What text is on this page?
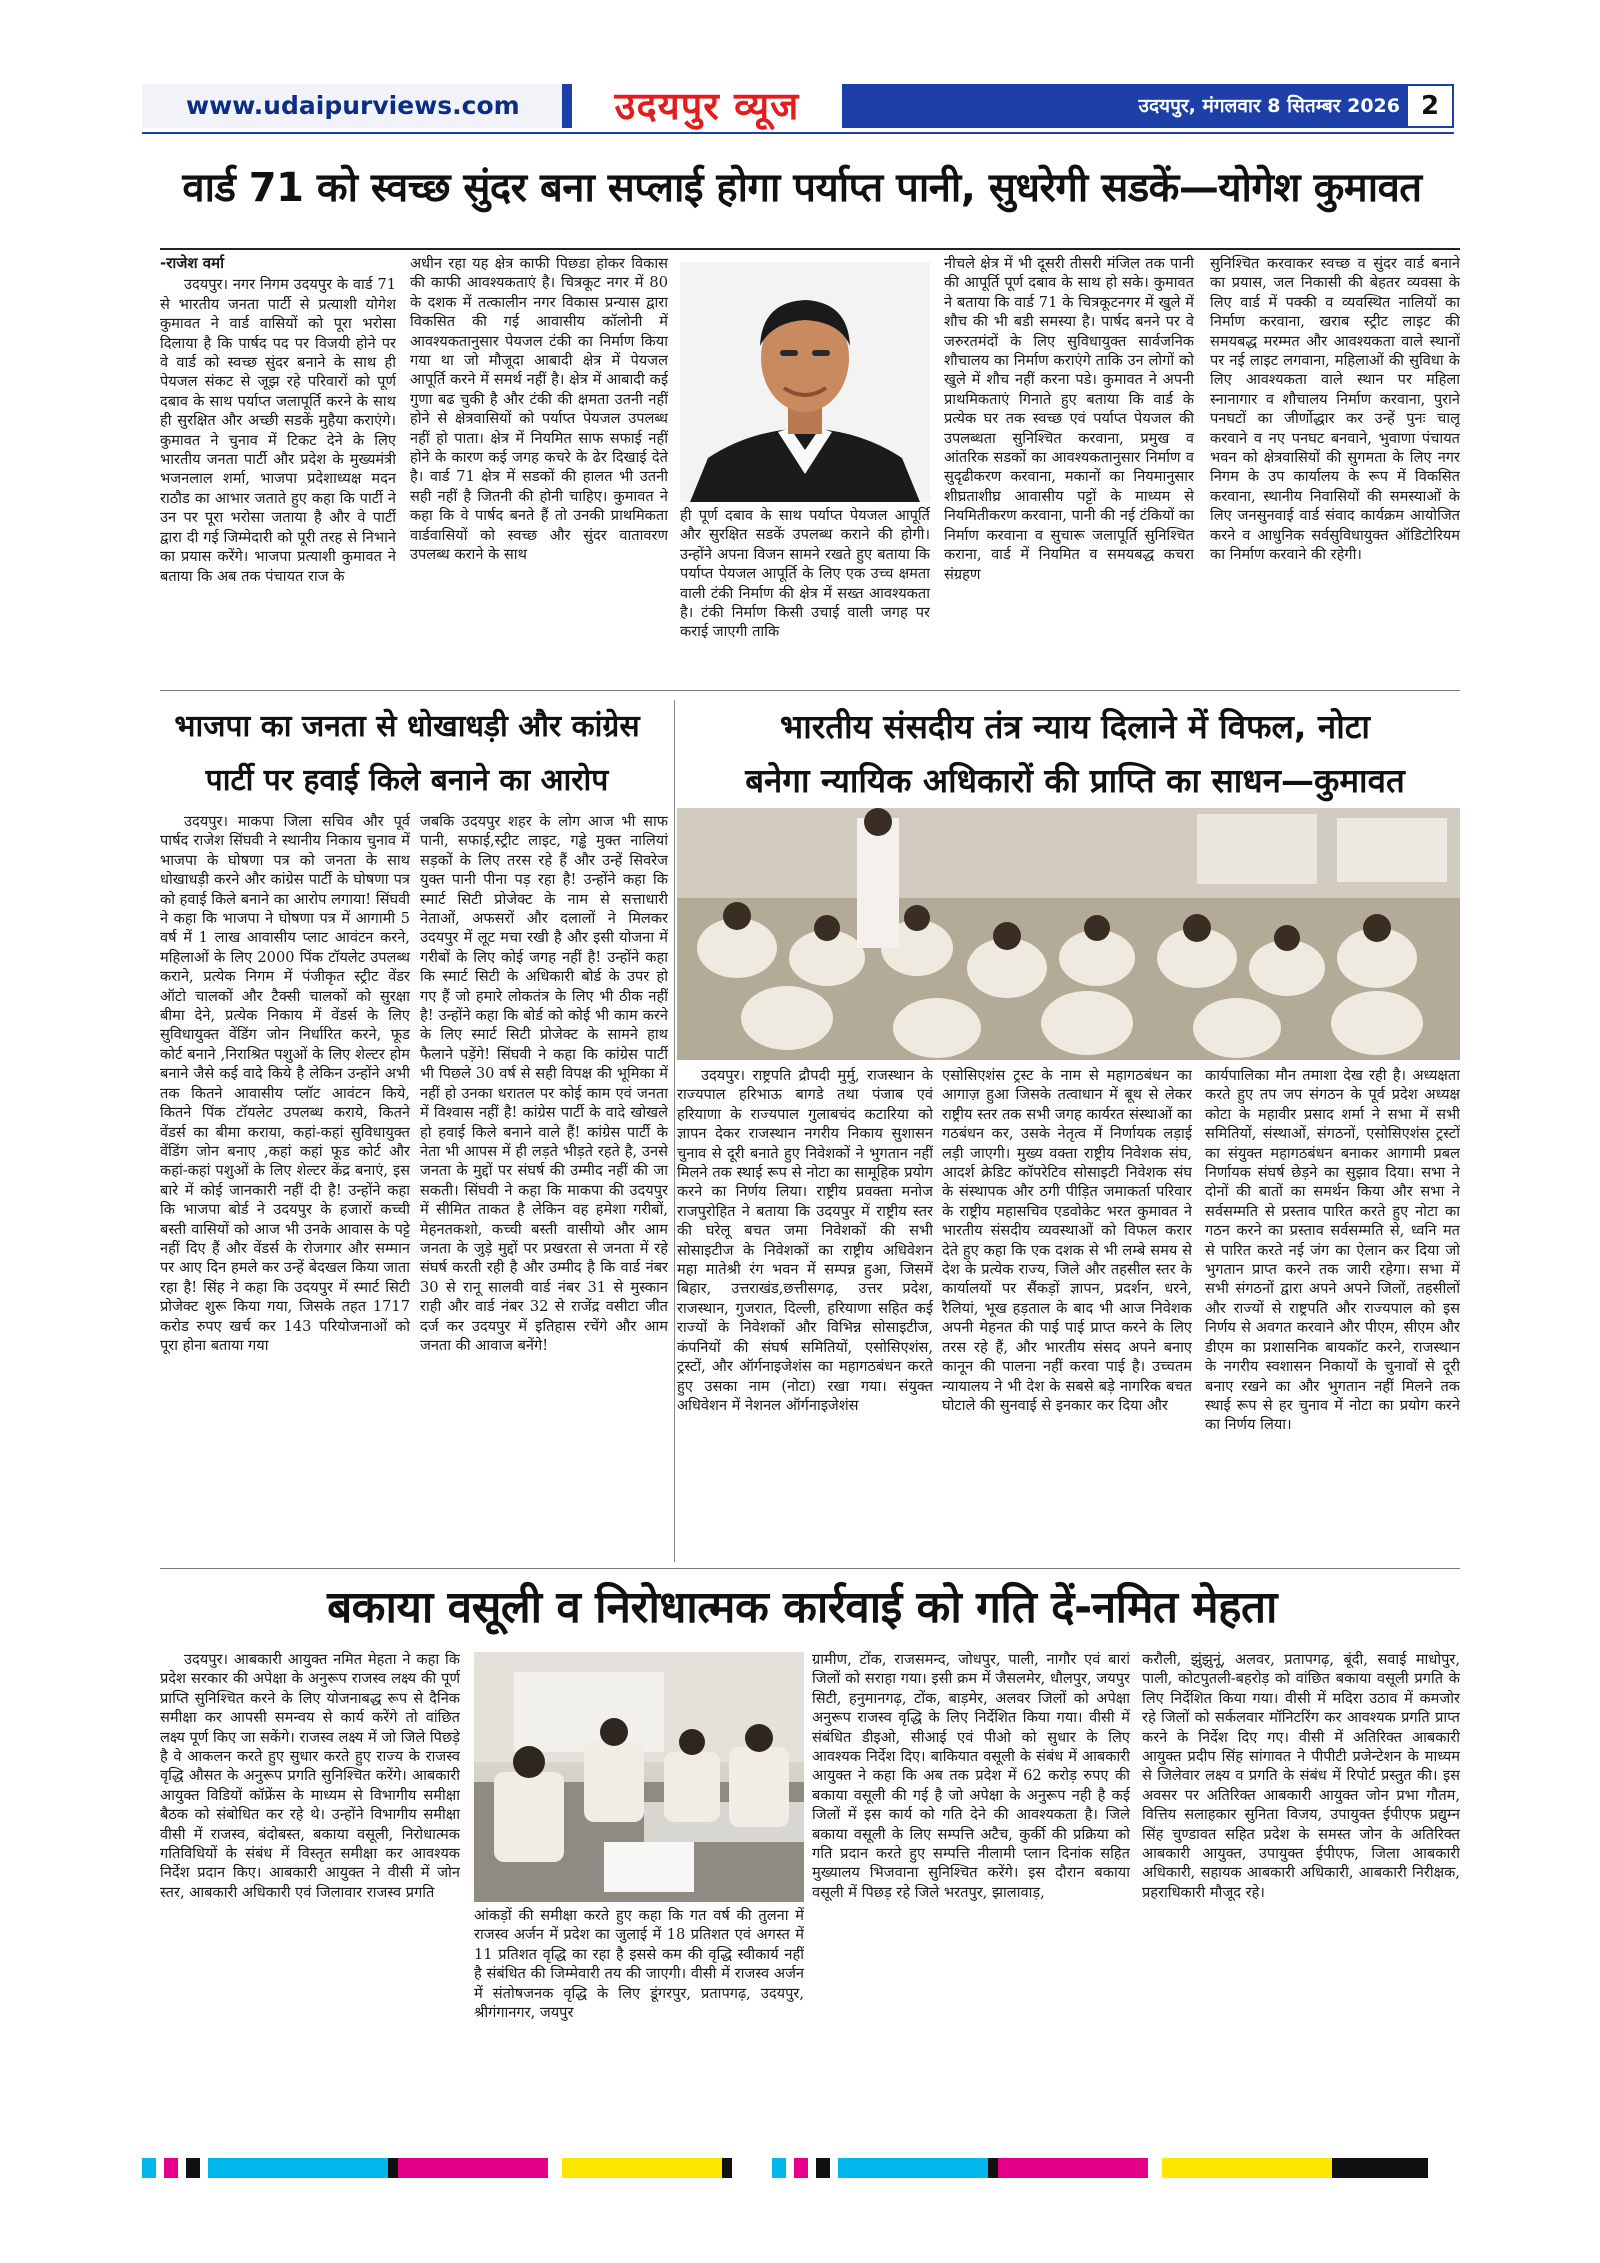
www.udaipurviews.com	उदयपुर व्यूज	उदयपुर, मंगलवार 8 सितम्बर 2026 2
वार्ड 71 को स्वच्छ सुंदर बना सप्लाई होगा पर्याप्त पानी, सुधरेगी सडकें—योगेश कुमावत
-राजेश वर्मा

उदयपुर। नगर निगम उदयपुर के वार्ड 71 से भारतीय जनता पार्टी से प्रत्याशी योगेश कुमावत ने वार्ड वासियों को पूरा भरोसा दिलाया है कि पार्षद पद पर विजयी होने पर वे वार्ड को स्वच्छ सुंदर बनाने के साथ ही पेयजल संकट से जूझ रहे परिवारों को पूर्ण दबाव के साथ पर्याप्त जलापूर्ति करने के साथ ही सुरक्षित और अच्छी सडकें मुहैया कराएंगे। कुमावत ने चुनाव में टिकट देने के लिए भारतीय जनता पार्टी और प्रदेश के मुख्यमंत्री भजनलाल शर्मा, भाजपा प्रदेशाध्यक्ष मदन राठौड का आभार जताते हुए कहा कि पार्टी ने उन पर पूरा भरोसा जताया है और वे पार्टी द्वारा दी गई जिम्मेदारी को पूरी तरह से निभाने का प्रयास करेंगे। भाजपा प्रत्याशी कुमावत ने बताया कि अब तक पंचायत राज के

अधीन रहा यह क्षेत्र काफी पिछडा होकर विकास की काफी आवश्यकताएं है। चित्रकूट नगर में 80 के दशक में तत्कालीन नगर विकास प्रन्यास द्वारा विकसित की गई आवासीय कॉलोनी में आवश्यकतानुसार पेयजल टंकी का निर्माण किया गया था जो मौजूदा आबादी क्षेत्र में पेयजल आपूर्ति करने में समर्थ नहीं है। क्षेत्र में आबादी कई गुणा बढ चुकी है और टंकी की क्षमता उतनी नहीं होने से क्षेत्रवासियों को पर्याप्त पेयजल उपलब्ध नहीं हो पाता। क्षेत्र में नियमित साफ सफाई नहीं होने के कारण कई जगह कचरे के ढेर दिखाई देते है। वार्ड 71 क्षेत्र में सडकों की हालत भी उतनी सही नहीं है जितनी की होनी चाहिए। कुमावत ने कहा कि वे पार्षद बनते हैं तो उनकी प्राथमिकता वार्डवासियों को स्वच्छ और सुंदर वातावरण उपलब्ध कराने के साथ

ही पूर्ण दबाव के साथ पर्याप्त पेयजल आपूर्ति और सुरक्षित सडकें उपलब्ध कराने की होगी। उन्होंने अपना विजन सामने रखते हुए बताया कि पर्याप्त पेयजल आपूर्ति के लिए एक उच्च क्षमता वाली टंकी निर्माण की क्षेत्र में सख्त आवश्यकता है। टंकी निर्माण किसी उचाई वाली जगह पर कराई जाएगी ताकि

नीचले क्षेत्र में भी दूसरी तीसरी मंजिल तक पानी की आपूर्ति पूर्ण दबाव के साथ हो सके। कुमावत ने बताया कि वार्ड 71 के चित्रकूटनगर में खुले में शौच की भी बडी समस्या है। पार्षद बनने पर वे जरुरतमंदों के लिए सुविधायुक्त सार्वजनिक शौचालय का निर्माण कराएंगे ताकि उन लोगों को खुले में शौच नहीं करना पडे। कुमावत ने अपनी प्राथमिकताएं गिनाते हुए बताया कि वार्ड के प्रत्येक घर तक स्वच्छ एवं पर्याप्त पेयजल की उपलब्धता सुनिश्चित करवाना, प्रमुख व आंतरिक सडकों का आवश्यकतानुसार निर्माण व सुदृढीकरण करवाना, मकानों का नियमानुसार शीघ्रताशीघ्र आवासीय पट्टों के माध्यम से नियमितीकरण करवाना, पानी की नई टंकियों का निर्माण करवाना व सुचारू जलापूर्ति सुनिश्चित कराना, वार्ड में नियमित व समयबद्ध कचरा संग्रहण

सुनिश्चित करवाकर स्वच्छ व सुंदर वार्ड बनाने का प्रयास, जल निकासी की बेहतर व्यवसा के लिए वार्ड में पक्की व व्यवस्थित नालियों का निर्माण करवाना, खराब स्ट्रीट लाइट की समयबद्ध मरम्मत और आवश्यकता वाले स्थानों पर नई लाइट लगवाना, महिलाओं की सुविधा के लिए आवश्यकता वाले स्थान पर महिला स्नानागार व शौचालय निर्माण करवाना, पुराने पनघटों का जीर्णोद्धार कर उन्हें पुनः चालू करवाने व नए पनघट बनवाने, भुवाणा पंचायत भवन को क्षेत्रवासियों की सुगमता के लिए नगर निगम के उप कार्यालय के रूप में विकसित करवाना, स्थानीय निवासियों की समस्याओं के लिए जनसुनवाई वार्ड संवाद कार्यक्रम आयोजित करने व आधुनिक सर्वसुविधायुक्त ऑडिटोरियम का निर्माण करवाने की रहेगी।

भाजपा का जनता से धोखाधड़ी और कांग्रेस
पार्टी पर हवाई किले बनाने का आरोप

उदयपुर। माकपा जिला सचिव और पूर्व पार्षद राजेश सिंघवी ने स्थानीय निकाय चुनाव में भाजपा के घोषणा पत्र को जनता के साथ धोखाधड़ी करने और कांग्रेस पार्टी के घोषणा पत्र को हवाई किले बनाने का आरोप लगाया! सिंघवी ने कहा कि भाजपा ने घोषणा पत्र में आगामी 5 वर्ष में 1 लाख आवासीय प्लाट आवंटन करने, महिलाओं के लिए 2000 पिंक टॉयलेट उपलब्ध कराने, प्रत्येक निगम में पंजीकृत स्ट्रीट वेंडर ऑटो चालकों और टैक्सी चालकों को सुरक्षा बीमा देने, प्रत्येक निकाय में वेंडर्स के लिए सुविधायुक्त वेंडिंग जोन निर्धारित करने, फूड कोर्ट बनाने ,निराश्रित पशुओं के लिए शेल्टर होम बनाने जैसे कई वादे किये है लेकिन उन्होंने अभी तक कितने आवासीय प्लॉट आवंटन किये, कितने पिंक टॉयलेट उपलब्ध कराये, कितने वेंडर्स का बीमा कराया, कहां-कहां सुविधायुक्त वेंडिंग जोन बनाए ,कहां कहां फूड कोर्ट और कहां-कहां पशुओं के लिए शेल्टर केंद्र बनाएं, इस बारे में कोई जानकारी नहीं दी है! उन्होंने कहा कि भाजपा बोर्ड ने उदयपुर के हजारों कच्ची बस्ती वासियों को आज भी उनके आवास के पट्टे नहीं दिए हैं और वेंडर्स के रोजगार और सम्मान पर आए दिन हमले कर उन्हें बेदखल किया जाता रहा है! सिंह ने कहा कि उदयपुर में स्मार्ट सिटी प्रोजेक्ट शुरू किया गया, जिसके तहत 1717 करोड रुपए खर्च कर 143 परियोजनाओं को पूरा होना बताया गया

जबकि उदयपुर शहर के लोग आज भी साफ पानी, सफाई,स्ट्रीट लाइट, गड्ढे मुक्त नालियां सड़कों के लिए तरस रहे हैं और उन्हें सिवरेज युक्त पानी पीना पड़ रहा है! उन्होंने कहा कि स्मार्ट सिटी प्रोजेक्ट के नाम से सत्ताधारी नेताओं, अफसरों और दलालों ने मिलकर उदयपुर में लूट मचा रखी है और इसी योजना में गरीबों के लिए कोई जगह नहीं है! उन्होंने कहा कि स्मार्ट सिटी के अधिकारी बोर्ड के उपर हो गए हैं जो हमारे लोकतंत्र के लिए भी ठीक नहीं है! उन्होंने कहा कि बोर्ड को कोई भी काम करने के लिए स्मार्ट सिटी प्रोजेक्ट के सामने हाथ फैलाने पड़ेंगे! सिंघवी ने कहा कि कांग्रेस पार्टी भी पिछले 30 वर्ष से सही विपक्ष की भूमिका में नहीं हो उनका धरातल पर कोई काम एवं जनता में विश्वास नहीं है! कांग्रेस पार्टी के वादे खोखले हो हवाई किले बनाने वाले हैं! कांग्रेस पार्टी के नेता भी आपस में ही लड़ते भीड़ते रहते है, उनसे जनता के मुद्दों पर संघर्ष की उम्मीद नहीं की जा सकती। सिंघवी ने कहा कि माकपा की उदयपुर में सीमित ताकत है लेकिन वह हमेशा गरीबों, मेहनतकशो, कच्ची बस्ती वासीयो और आम जनता के जुड़े मुद्दों पर प्रखरता से जनता में रहे संघर्ष करती रही है और उम्मीद है कि वार्ड नंबर 30 से रानू सालवी वार्ड नंबर 31 से मुस्कान राही और वार्ड नंबर 32 से राजेंद्र वसीटा जीत दर्ज कर उदयपुर में इतिहास रचेंगे और आम जनता की आवाज बनेंगे!

भारतीय संसदीय तंत्र न्याय दिलाने में विफल, नोटा
बनेगा न्यायिक अधिकारों की प्राप्ति का साधन—कुमावत

उदयपुर। राष्ट्रपति द्रौपदी मुर्मु, राजस्थान के राज्यपाल हरिभाऊ बागडे तथा पंजाब एवं हरियाणा के राज्यपाल गुलाबचंद कटारिया को ज्ञापन देकर राजस्थान नगरीय निकाय सुशासन चुनाव से दूरी बनाते हुए निवेशकों ने भुगतान नहीं मिलने तक स्थाई रूप से नोटा का सामूहिक प्रयोग करने का निर्णय लिया। राष्ट्रीय प्रवक्ता मनोज राजपुरोहित ने बताया कि उदयपुर में राष्ट्रीय स्तर की घरेलू बचत जमा निवेशकों की सभी सोसाइटीज के निवेशकों का राष्ट्रीय अधिवेशन महा मातेश्री रंग भवन में सम्पन्न हुआ, जिसमें बिहार, उत्तराखंड,छत्तीसगढ़, उत्तर प्रदेश, राजस्थान, गुजरात, दिल्ली, हरियाणा सहित कई राज्यों के निवेशकों और विभिन्न सोसाइटीज, कंपनियों की संघर्ष समितियों, एसोसिएशंस, ट्रस्टों, और ऑर्गनाइजेशंस का महागठबंधन करते हुए उसका नाम (नोटा) रखा गया। संयुक्त अधिवेशन में नेशनल ऑर्गनाइजेशंस

एसोसिएशंस ट्रस्ट के नाम से महागठबंधन का आगाज़ हुआ जिसके तत्वाधान में बूथ से लेकर राष्ट्रीय स्तर तक सभी जगह कार्यरत संस्थाओं का गठबंधन कर, उसके नेतृत्व में निर्णायक लड़ाई लड़ी जाएगी। मुख्य वक्ता राष्ट्रीय निवेशक संघ, आदर्श क्रेडिट कॉपरेटिव सोसाइटी निवेशक संघ के संस्थापक और ठगी पीड़ित जमाकर्ता परिवार के राष्ट्रीय महासचिव एडवोकेट भरत कुमावत ने भारतीय संसदीय व्यवस्थाओं को विफल करार देते हुए कहा कि एक दशक से भी लम्बे समय से देश के प्रत्येक राज्य, जिले और तहसील स्तर के कार्यालयों पर सैंकड़ों ज्ञापन, प्रदर्शन, धरने, रैलियां, भूख हड़ताल के बाद भी आज निवेशक अपनी मेहनत की पाई पाई प्राप्त करने के लिए तरस रहे हैं, और भारतीय संसद अपने बनाए कानून की पालना नहीं करवा पाई है। उच्चतम न्यायालय ने भी देश के सबसे बड़े नागरिक बचत घोटाले की सुनवाई से इनकार कर दिया और

कार्यपालिका मौन तमाशा देख रही है। अध्यक्षता करते हुए तप जप संगठन के पूर्व प्रदेश अध्यक्ष कोटा के महावीर प्रसाद शर्मा ने सभा में सभी समितियों, संस्थाओं, संगठनों, एसोसिएशंस ट्रस्टों का संयुक्त महागठबंधन बनाकर आगामी प्रबल निर्णायक संघर्ष छेड़ने का सुझाव दिया। सभा ने दोनों की बातों का समर्थन किया और सभा ने सर्वसम्मति से प्रस्ताव पारित करते हुए नोटा का गठन करने का प्रस्ताव सर्वसम्मति से, ध्वनि मत से पारित करते नई जंग का ऐलान कर दिया जो भुगतान प्राप्त करने तक जारी रहेगा। सभा में सभी संगठनों द्वारा अपने अपने जिलों, तहसीलों और राज्यों से राष्ट्रपति और राज्यपाल को इस निर्णय से अवगत करवाने और पीएम, सीएम और डीएम का प्रशासनिक बायकॉट करने, राजस्थान के नगरीय स्वशासन निकायों के चुनावों से दूरी बनाए रखने का और भुगतान नहीं मिलने तक स्थाई रूप से हर चुनाव में नोटा का प्रयोग करने का निर्णय लिया।

बकाया वसूली व निरोधात्मक कार्रवाई को गति दें-नमित मेहता

उदयपुर। आबकारी आयुक्त नमित मेहता ने कहा कि प्रदेश सरकार की अपेक्षा के अनुरूप राजस्व लक्ष्य की पूर्ण प्राप्ति सुनिश्चित करने के लिए योजनाबद्ध रूप से दैनिक समीक्षा कर आपसी समन्वय से कार्य करेंगे तो वांछित लक्ष्य पूर्ण किए जा सकेंगे। राजस्व लक्ष्य में जो जिले पिछड़े है वे आकलन करते हुए सुधार करते हुए राज्य के राजस्व वृद्धि औसत के अनुरूप प्रगति सुनिश्चित करेंगे। आबकारी आयुक्त विडियों कॉफ्रेंस के माध्यम से विभागीय समीक्षा बैठक को संबोधित कर रहे थे। उन्होंने विभागीय समीक्षा वीसी में राजस्व, बंदोबस्त, बकाया वसूली, निरोधात्मक गतिविधियों के संबंध में विस्तृत समीक्षा कर आवश्यक निर्देश प्रदान किए। आबकारी आयुक्त ने वीसी में जोन स्तर, आबकारी अधिकारी एवं जिलावार राजस्व प्रगति

आंकड़ों की समीक्षा करते हुए कहा कि गत वर्ष की तुलना में राजस्व अर्जन में प्रदेश का जुलाई में 18 प्रतिशत एवं अगस्त में 11 प्रतिशत वृद्धि का रहा है इससे कम की वृद्धि स्वीकार्य नहीं है संबंधित की जिम्मेवारी तय की जाएगी। वीसी में राजस्व अर्जन में संतोषजनक वृद्धि के लिए डूंगरपुर, प्रतापगढ़, उदयपुर, श्रीगंगानगर, जयपुर

ग्रामीण, टोंक, राजसमन्द, जोधपुर, पाली, नागौर एवं बारां जिलों को सराहा गया। इसी क्रम में जैसलमेर, धौलपुर, जयपुर सिटी, हनुमानगढ़, टोंक, बाड़मेर, अलवर जिलों को अपेक्षा अनुरूप राजस्व वृद्धि के लिए निर्देशित किया गया। वीसी में संबंधित डीइओ, सीआई एवं पीओ को सुधार के लिए आवश्यक निर्देश दिए। बाकियात वसूली के संबंध में आबकारी आयुक्त ने कहा कि अब तक प्रदेश में 62 करोड़ रुपए की बकाया वसूली की गई है जो अपेक्षा के अनुरूप नही है कई जिलों में इस कार्य को गति देने की आवश्यकता है। जिले बकाया वसूली के लिए सम्पत्ति अटैच, कुर्की की प्रक्रिया को गति प्रदान करते हुए सम्पत्ति नीलामी प्लान दिनांक सहित मुख्यालय भिजवाना सुनिश्चित करेंगे। इस दौरान बकाया वसूली में पिछड़ रहे जिले भरतपुर, झालावाड़,

करौली, झुंझुनूं, अलवर, प्रतापगढ़, बूंदी, सवाई माधोपुर, पाली, कोटपुतली-बहरोड़ को वांछित बकाया वसूली प्रगति के लिए निर्देशित किया गया। वीसी में मदिरा उठाव में कमजोर रहे जिलों को सर्कलवार मॉनिटरिंग कर आवश्यक प्रगति प्राप्त करने के निर्देश दिए गए। वीसी में अतिरिक्त आबकारी आयुक्त प्रदीप सिंह सांगावत ने पीपीटी प्रजेन्टेशन के माध्यम से जिलेवार लक्ष्य व प्रगति के संबंध में रिपोर्ट प्रस्तुत की। इस अवसर पर अतिरिक्त आबकारी आयुक्त जोन प्रभा गौतम, वित्तिय सलाहकार सुनिता विजय, उपायुक्त ईपीएफ प्रद्युम्न सिंह चुण्डावत सहित प्रदेश के समस्त जोन के अतिरिक्त आबकारी आयुक्त, उपायुक्त ईपीएफ, जिला आबकारी अधिकारी, सहायक आबकारी अधिकारी, आबकारी निरीक्षक, प्रहराधिकारी मौजूद रहे।
